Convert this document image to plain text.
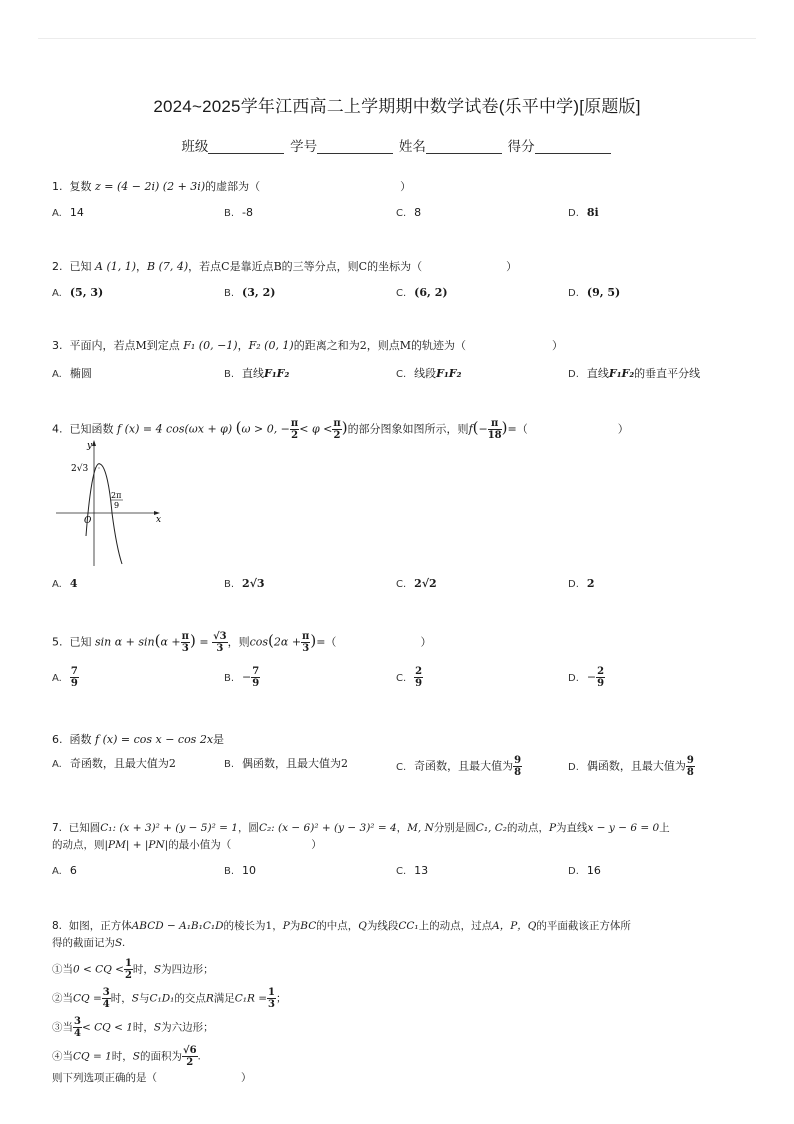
2024~2025学年江西高二上学期期中数学试卷(乐平中学)[原题版]
班级	学号	姓名	得分
1. 复数 z = (4 − 2i) (2 + 3i)的虚部为（	）
A. 14	B. -8	C. 8	D. 8i
2. 已知 A (1, 1)，B (7, 4)，若点C是靠近点B的三等分点，则C的坐标为（	）
A. (5, 3)	B. (3, 2)	C. (6, 2)	D. (9, 5)
3. 平面内，若点M到定点 F₁ (0, −1)，F₂ (0, 1)的距离之和为2，则点M的轨迹为（	）
A. 椭圆	B. 直线F₁F₂	C. 线段F₁F₂	D. 直线F₁F₂的垂直平分线
4. 已知函数 f (x) = 4 cos(ωx + φ) (ω > 0, − $\frac{\pi}{2} < \varphi < \frac{\pi}{2}$ )的部分图象如图所示，则$f(- \frac{\pi}{18}$ )=（	）
x
y
O
2√3
2π
9
A. 4	B. 2√3	C. 2√2	D. 2
5. 已知 $\sin \alpha + \sin(\alpha + \frac{\pi}{3}$ ) = $\frac{√3}{3}$ ，则$\cos(2\alpha + \frac{\pi}{3}$ )=（	）
A. $\frac{7}{9}$	B. − $\frac{7}{9}$	C. $\frac{2}{9}$	D. − $\frac{2}{9}$
6. 函数 f (x) = cos x − cos 2x是
A. 奇函数，且最大值为2	B. 偶函数，且最大值为2	C. 奇函数，且最大值为 $\frac{9}{8}$	D. 偶函数，且最大值为 $\frac{9}{8}$
7. 已知圆C₁: (x + 3)² + (y − 5)² = 1，圆C₂: (x − 6)² + (y − 3)² = 4，M, N分别是圆C₁, C₂的动点，P为直线x − y − 6 = 0上
的动点，则|PM| + |PN|的最小值为（	）
A. 6	B. 10	C. 13	D. 16
8. 如图，正方体ABCD − A₁B₁C₁D的棱长为1，P为BC的中点，Q为线段CC₁上的动点，过点A，P，Q的平面截该正方体所
得的截面记为S.
①当0 < CQ < $\frac{1}{2}$ 时，S为四边形；
②当CQ = $\frac{3}{4}$ 时，S与C₁D₁的交点R满足$C_1R = \frac{1}{3}$ ；
③当 $\frac{3}{4}$ < CQ < 1时，S为六边形；
④当CQ = 1时，S的面积为 $\frac{√6}{2}$ .
则下列选项正确的是（	）
